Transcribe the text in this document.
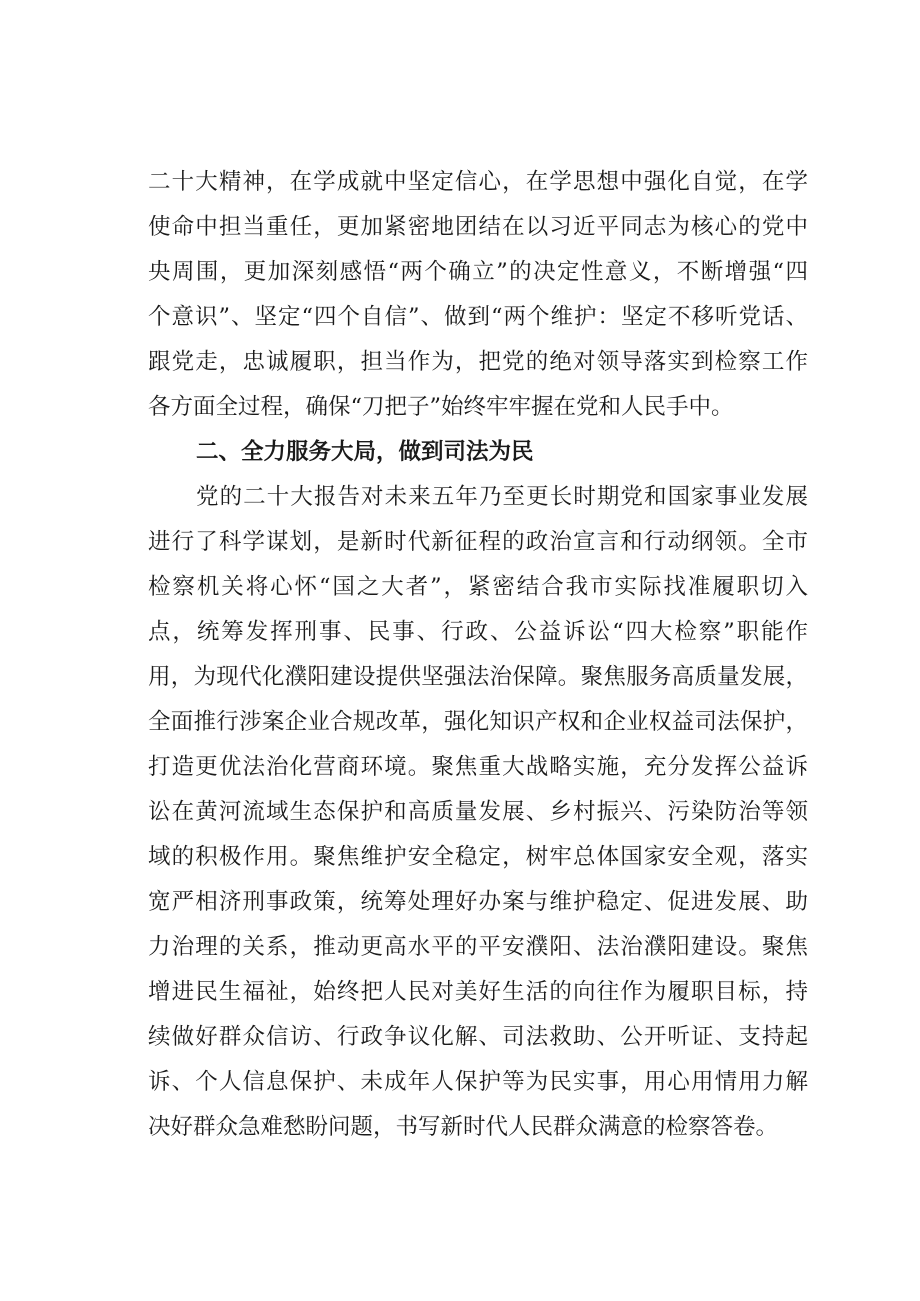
二十大精神，在学成就中坚定信心，在学思想中强化自觉，在学
使命中担当重任，更加紧密地团结在以习近平同志为核心的党中
央周围，更加深刻感悟“两个确立”的决定性意义，不断增强“四
个意识”、坚定“四个自信”、做到“两个维护：坚定不移听党话、
跟党走，忠诚履职，担当作为，把党的绝对领导落实到检察工作
各方面全过程，确保“刀把子”始终牢牢握在党和人民手中。
二、全力服务大局，做到司法为民
党的二十大报告对未来五年乃至更长时期党和国家事业发展
进行了科学谋划，是新时代新征程的政治宣言和行动纲领。全市
检察机关将心怀“国之大者”，紧密结合我市实际找准履职切入
点，统筹发挥刑事、民事、行政、公益诉讼“四大检察”职能作
用，为现代化濮阳建设提供坚强法治保障。聚焦服务高质量发展，
全面推行涉案企业合规改革，强化知识产权和企业权益司法保护，
打造更优法治化营商环境。聚焦重大战略实施，充分发挥公益诉
讼在黄河流域生态保护和高质量发展、乡村振兴、污染防治等领
域的积极作用。聚焦维护安全稳定，树牢总体国家安全观，落实
宽严相济刑事政策，统筹处理好办案与维护稳定、促进发展、助
力治理的关系，推动更高水平的平安濮阳、法治濮阳建设。聚焦
增进民生福祉，始终把人民对美好生活的向往作为履职目标，持
续做好群众信访、行政争议化解、司法救助、公开听证、支持起
诉、个人信息保护、未成年人保护等为民实事，用心用情用力解
决好群众急难愁盼问题，书写新时代人民群众满意的检察答卷。
